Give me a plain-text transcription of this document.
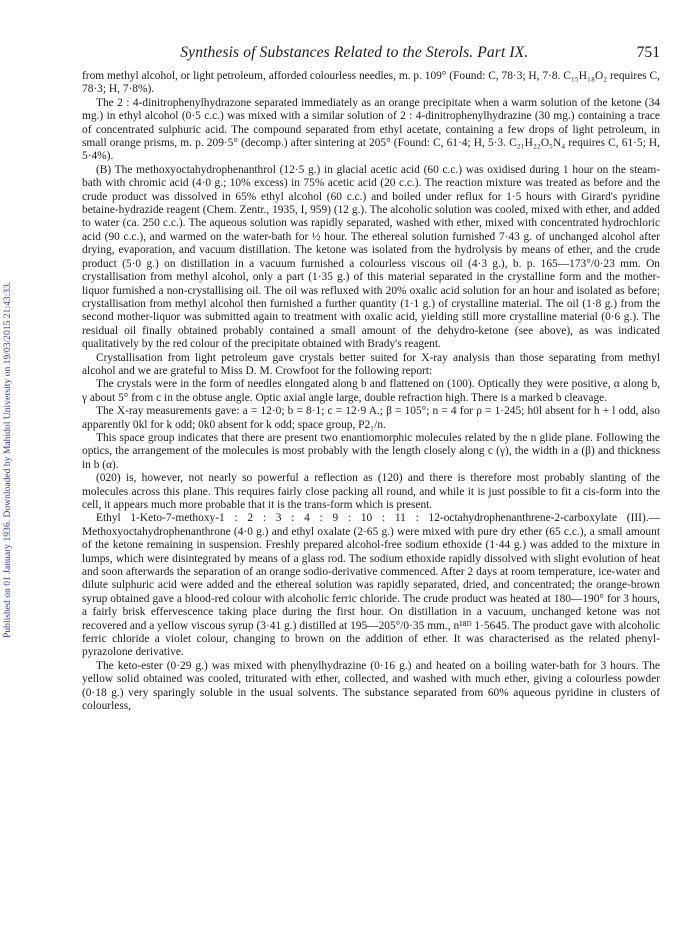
Published on 01 January 1936. Downloaded by Mahidol University on 19/03/2015 21:43:33.
Synthesis of Substances Related to the Sterols. Part IX.	751

from methyl alcohol, or light petroleum, afforded colourless needles, m. p. 109° (Found: C, 78·3; H, 7·8. C₁₅H₁₈O₂ requires C, 78·3; H, 7·8%).

The 2 : 4-dinitrophenylhydrazone separated immediately as an orange precipitate when a warm solution of the ketone (34 mg.) in ethyl alcohol (0·5 c.c.) was mixed with a similar solution of 2 : 4-dinitrophenylhydrazine (30 mg.) containing a trace of concentrated sulphuric acid. The compound separated from ethyl acetate, containing a few drops of light petroleum, in small orange prisms, m. p. 209·5° (decomp.) after sintering at 205° (Found: C, 61·4; H, 5·3. C₂₁H₂₂O₅N₄ requires C, 61·5; H, 5·4%).

(B) The methoxyoctahydrophenanthrol (12·5 g.) in glacial acetic acid (60 c.c.) was oxidised during 1 hour on the steam-bath with chromic acid (4·0 g.; 10% excess) in 75% acetic acid (20 c.c.). The reaction mixture was treated as before and the crude product was dissolved in 65% ethyl alcohol (60 c.c.) and boiled under reflux for 1·5 hours with Girard's pyridine betaine-hydrazide reagent (Chem. Zentr., 1935, I, 959) (12 g.). The alcoholic solution was cooled, mixed with ether, and added to water (ca. 250 c.c.). The aqueous solution was rapidly separated, washed with ether, mixed with concentrated hydrochloric acid (90 c.c.), and warmed on the water-bath for ½ hour. The ethereal solution furnished 7·43 g. of unchanged alcohol after drying, evaporation, and vacuum distillation. The ketone was isolated from the hydrolysis by means of ether, and the crude product (5·0 g.) on distillation in a vacuum furnished a colourless viscous oil (4·3 g.), b. p. 165—173°/0·23 mm. On crystallisation from methyl alcohol, only a part (1·35 g.) of this material separated in the crystalline form and the mother-liquor furnished a non-crystallising oil. The oil was refluxed with 20% oxalic acid solution for an hour and isolated as before; crystallisation from methyl alcohol then furnished a further quantity (1·1 g.) of crystalline material. The oil (1·8 g.) from the second mother-liquor was submitted again to treatment with oxalic acid, yielding still more crystalline material (0·6 g.). The residual oil finally obtained probably contained a small amount of the dehydro-ketone (see above), as was indicated qualitatively by the red colour of the precipitate obtained with Brady's reagent.

Crystallisation from light petroleum gave crystals better suited for X-ray analysis than those separating from methyl alcohol and we are grateful to Miss D. M. Crowfoot for the following report:

The crystals were in the form of needles elongated along b and flattened on (100). Optically they were positive, α along b, γ about 5° from c in the obtuse angle. Optic axial angle large, double refraction high. There is a marked b cleavage.

The X-ray measurements gave: a = 12·0; b = 8·1; c = 12·9 A.; β = 105°; n = 4 for ρ = 1·245; h0l absent for h + l odd, also apparently 0kl for k odd; 0k0 absent for k odd; space group, P2₁/n.

This space group indicates that there are present two enantiomorphic molecules related by the n glide plane. Following the optics, the arrangement of the molecules is most probably with the length closely along c (γ), the width in a (β) and thickness in b (α).

(020) is, however, not nearly so powerful a reflection as (120) and there is therefore most probably slanting of the molecules across this plane. This requires fairly close packing all round, and while it is just possible to fit a cis-form into the cell, it appears much more probable that it is the trans-form which is present.

Ethyl 1-Keto-7-methoxy-1 : 2 : 3 : 4 : 9 : 10 : 11 : 12-octahydrophenanthrene-2-carboxylate (III).—Methoxyoctahydrophenanthrone (4·0 g.) and ethyl oxalate (2·65 g.) were mixed with pure dry ether (65 c.c.), a small amount of the ketone remaining in suspension. Freshly prepared alcohol-free sodium ethoxide (1·44 g.) was added to the mixture in lumps, which were disintegrated by means of a glass rod. The sodium ethoxide rapidly dissolved with slight evolution of heat and soon afterwards the separation of an orange sodio-derivative commenced. After 2 days at room temperature, ice-water and dilute sulphuric acid were added and the ethereal solution was rapidly separated, dried, and concentrated; the orange-brown syrup obtained gave a blood-red colour with alcoholic ferric chloride. The crude product was heated at 180—190° for 3 hours, a fairly brisk effervescence taking place during the first hour. On distillation in a vacuum, unchanged ketone was not recovered and a yellow viscous syrup (3·41 g.) distilled at 195—205°/0·35 mm., n¹⁸ᴰ 1·5645. The product gave with alcoholic ferric chloride a violet colour, changing to brown on the addition of ether. It was characterised as the related phenyl-pyrazolone derivative.

The keto-ester (0·29 g.) was mixed with phenylhydrazine (0·16 g.) and heated on a boiling water-bath for 3 hours. The yellow solid obtained was cooled, triturated with ether, collected, and washed with much ether, giving a colourless powder (0·18 g.) very sparingly soluble in the usual solvents. The substance separated from 60% aqueous pyridine in clusters of colourless,
